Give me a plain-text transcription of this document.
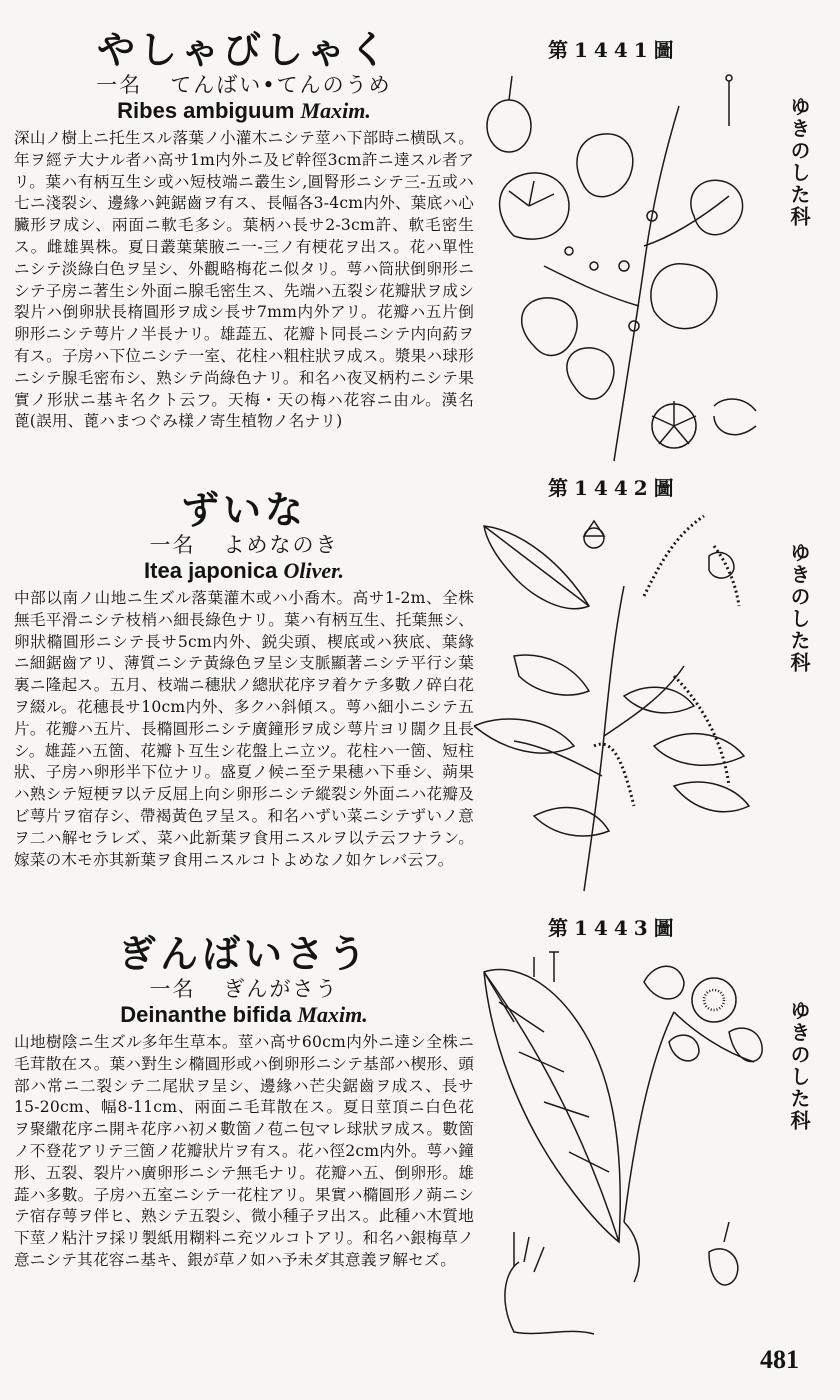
やしゃびしゃく
一名 てんばい•てんのうめ
Ribes ambiguum Maxim.
深山ノ樹上ニ托生スル落葉ノ小灌木ニシテ莖ハ下部時ニ横臥ス。年ヲ經テ大ナル者ハ高サ1m内外ニ及ビ幹徑3cm許ニ達スル者アリ。葉ハ有柄互生シ或ハ短枝端ニ叢生シ,圓腎形ニシテ三-五或ハ七ニ淺裂シ、邊緣ハ鈍鋸齒ヲ有ス、長幅各3-4cm内外、葉底ハ心臟形ヲ成シ、兩面ニ軟毛多シ。葉柄ハ長サ2-3cm許、軟毛密生ス。雌雄異株。夏日叢葉葉腋ニ一-三ノ有梗花ヲ出ス。花ハ單性ニシテ淡綠白色ヲ呈シ、外觀略梅花ニ似タリ。萼ハ筒狀倒卵形ニシテ子房ニ著生シ外面ニ腺毛密生ス、先端ハ五裂シ花瓣狀ヲ成シ裂片ハ倒卵狀長楕圓形ヲ成シ長サ7mm内外アリ。花瓣ハ五片倒卵形ニシテ萼片ノ半長ナリ。雄蕋五、花瓣ト同長ニシテ内向葯ヲ有ス。子房ハ下位ニシテ一室、花柱ハ粗柱狀ヲ成ス。漿果ハ球形ニシテ腺毛密布シ、熟シテ尚綠色ナリ。和名ハ夜叉柄杓ニシテ果實ノ形狀ニ基キ名クト云フ。天梅・天の梅ハ花容ニ由ル。漢名 蓖(誤用、蓖ハまつぐみ樣ノ寄生植物ノ名ナリ)
第1441圖
ゆきのした科
ずいな
一名 よめなのき
Itea japonica Oliver.
中部以南ノ山地ニ生ズル落葉灌木或ハ小喬木。高サ1-2m、全株無毛平滑ニシテ枝梢ハ細長綠色ナリ。葉ハ有柄互生、托葉無シ、卵狀橢圓形ニシテ長サ5cm内外、鋭尖頭、楔底或ハ狹底、葉緣ニ細鋸齒アリ、薄質ニシテ黃綠色ヲ呈シ支脈顯著ニシテ平行シ葉裏ニ隆起ス。五月、枝端ニ穗狀ノ總狀花序ヲ着ケテ多數ノ碎白花ヲ綴ル。花穗長サ10cm内外、多クハ斜傾ス。萼ハ細小ニシテ五片。花瓣ハ五片、長橢圓形ニシテ廣鐘形ヲ成シ萼片ヨリ闊ク且長シ。雄蕋ハ五箇、花瓣ト互生シ花盤上ニ立ツ。花柱ハ一箇、短柱狀、子房ハ卵形半下位ナリ。盛夏ノ候ニ至テ果穗ハ下垂シ、蒴果ハ熟シテ短梗ヲ以テ反屈上向シ卵形ニシテ縱裂シ外面ニハ花瓣及ビ萼片ヲ宿存シ、帶褐黃色ヲ呈ス。和名ハずい菜ニシテずいノ意ヲ二ハ解セラレズ、菜ハ此新葉ヲ食用ニスルヲ以テ云フナラン。嫁菜の木モ亦其新葉ヲ食用ニスルコトよめなノ如ケレバ云フ。
第1442圖
ゆきのした科
ぎんばいさう
一名 ぎんがさう
Deinanthe bifida Maxim.
山地樹陰ニ生ズル多年生草本。莖ハ高サ60cm内外ニ達シ全株ニ毛茸散在ス。葉ハ對生シ橢圓形或ハ倒卵形ニシテ基部ハ楔形、頭部ハ常ニ二裂シテ二尾狀ヲ呈シ、邊緣ハ芒尖鋸齒ヲ成ス、長サ15-20cm、幅8-11cm、兩面ニ毛茸散在ス。夏日莖頂ニ白色花ヲ聚繖花序ニ開キ花序ハ初メ數箇ノ苞ニ包マレ球狀ヲ成ス。數箇ノ不登花アリテ三箇ノ花瓣狀片ヲ有ス。花ハ徑2cm内外。萼ハ鐘形、五裂、裂片ハ廣卵形ニシテ無毛ナリ。花瓣ハ五、倒卵形。雄蕋ハ多數。子房ハ五室ニシテ一花柱アリ。果實ハ橢圓形ノ蒴ニシテ宿存萼ヲ伴ヒ、熟シテ五裂シ、微小種子ヲ出ス。此種ハ木質地下莖ノ粘汁ヲ採リ製紙用糊料ニ充ツルコトアリ。和名ハ銀梅草ノ意ニシテ其花容ニ基キ、銀が草ノ如ハ予未ダ其意義ヲ解セズ。
第1443圖
ゆきのした科
481
